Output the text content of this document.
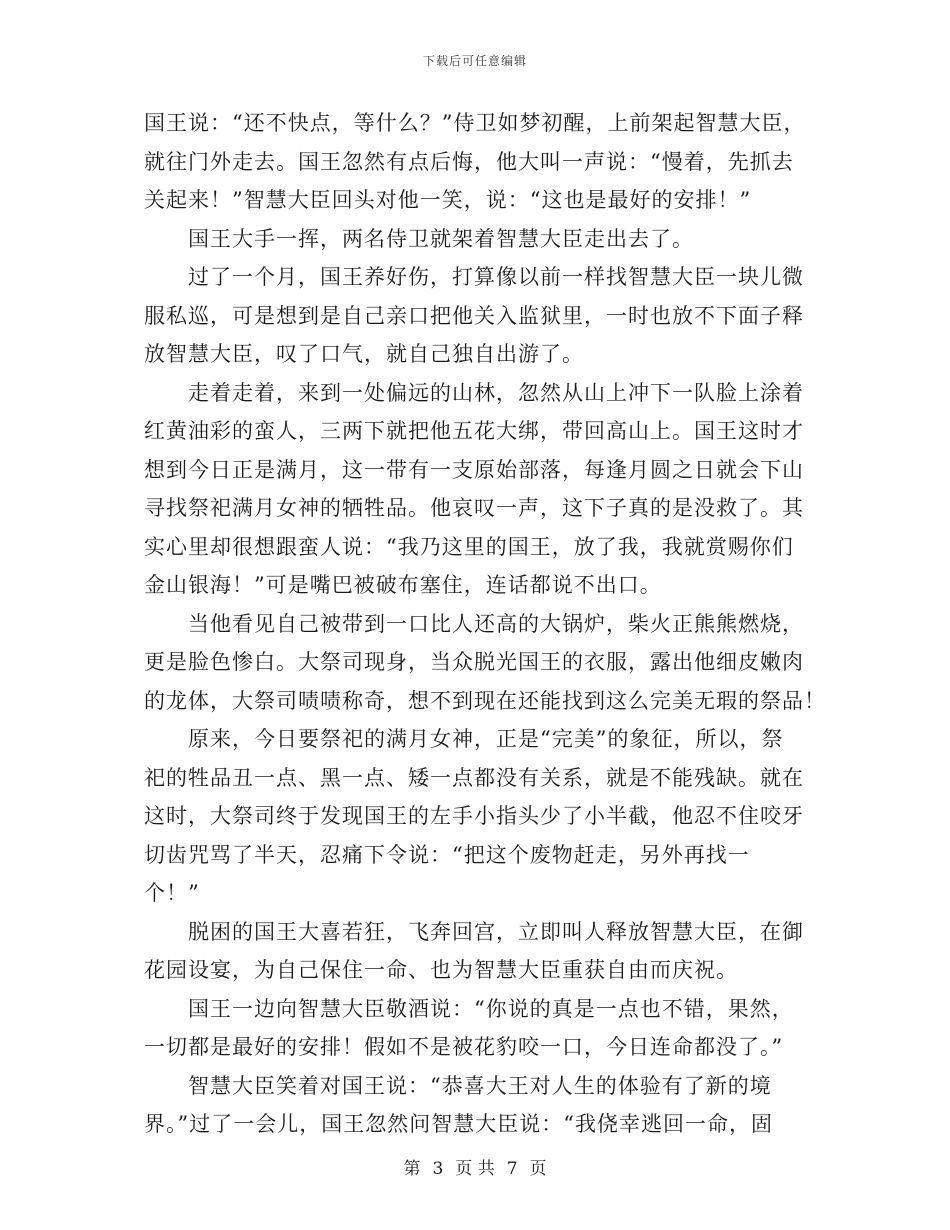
下载后可任意编辑
国王说：“还不快点，等什么？”侍卫如梦初醒，上前架起智慧大臣，
就往门外走去。国王忽然有点后悔，他大叫一声说：“慢着，先抓去
关起来！”智慧大臣回头对他一笑，说：“这也是最好的安排！”
　　国王大手一挥，两名侍卫就架着智慧大臣走出去了。
　　过了一个月，国王养好伤，打算像以前一样找智慧大臣一块儿微
服私巡，可是想到是自己亲口把他关入监狱里，一时也放不下面子释
放智慧大臣，叹了口气，就自己独自出游了。
　　走着走着，来到一处偏远的山林，忽然从山上冲下一队脸上涂着
红黄油彩的蛮人，三两下就把他五花大绑，带回高山上。国王这时才
想到今日正是满月，这一带有一支原始部落，每逢月圆之日就会下山
寻找祭祀满月女神的牺牲品。他哀叹一声，这下子真的是没救了。其
实心里却很想跟蛮人说：“我乃这里的国王，放了我，我就赏赐你们
金山银海！”可是嘴巴被破布塞住，连话都说不出口。
　　当他看见自己被带到一口比人还高的大锅炉，柴火正熊熊燃烧，
更是脸色惨白。大祭司现身，当众脱光国王的衣服，露出他细皮嫩肉
的龙体，大祭司啧啧称奇，想不到现在还能找到这么完美无瑕的祭品！
　　原来，今日要祭祀的满月女神，正是“完美”的象征，所以，祭
祀的牲品丑一点、黑一点、矮一点都没有关系，就是不能残缺。就在
这时，大祭司终于发现国王的左手小指头少了小半截，他忍不住咬牙
切齿咒骂了半天，忍痛下令说：“把这个废物赶走，另外再找一
个！”
　　脱困的国王大喜若狂，飞奔回宫，立即叫人释放智慧大臣，在御
花园设宴，为自己保住一命、也为智慧大臣重获自由而庆祝。
　　国王一边向智慧大臣敬酒说：“你说的真是一点也不错，果然，
一切都是最好的安排！假如不是被花豹咬一口，今日连命都没了。”
　　智慧大臣笑着对国王说：“恭喜大王对人生的体验有了新的境
界。”过了一会儿，国王忽然问智慧大臣说：“我侥幸逃回一命，固
第 3 页 共 7 页
